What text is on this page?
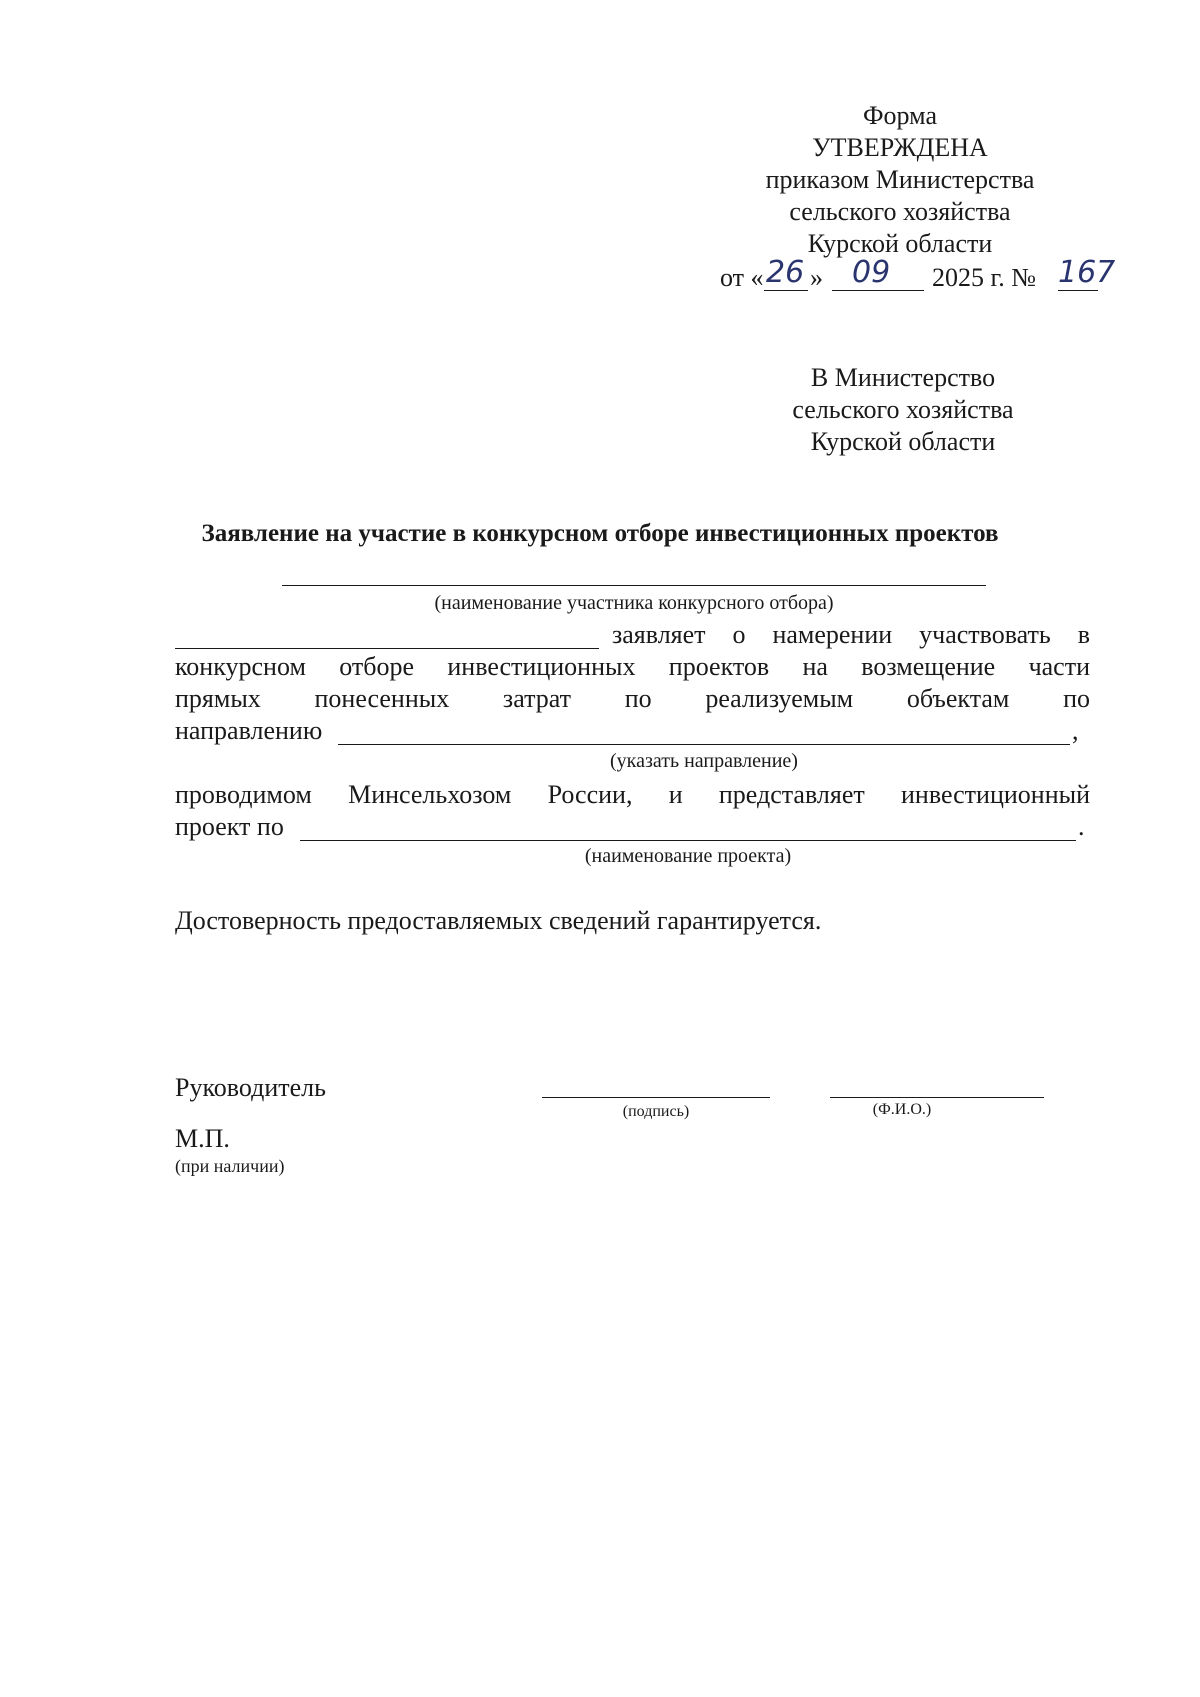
Форма
УТВЕРЖДЕНА
приказом Министерства
сельского хозяйства
Курской области
от « 26 » 09 2025 г. № 167
В Министерство
сельского хозяйства
Курской области
Заявление на участие в конкурсном отборе инвестиционных проектов
(наименование участника конкурсного отбора)
заявляет о намерении участвовать в
конкурсном отборе инвестиционных проектов на возмещение части
прямых понесенных затрат по реализуемым объектам по
направлению	,
(указать направление)
проводимом Минсельхозом России, и представляет инвестиционный
проект по	.
(наименование проекта)
Достоверность предоставляемых сведений гарантируется.
Руководитель
(подпись)	(Ф.И.О.)
М.П.
(при наличии)
